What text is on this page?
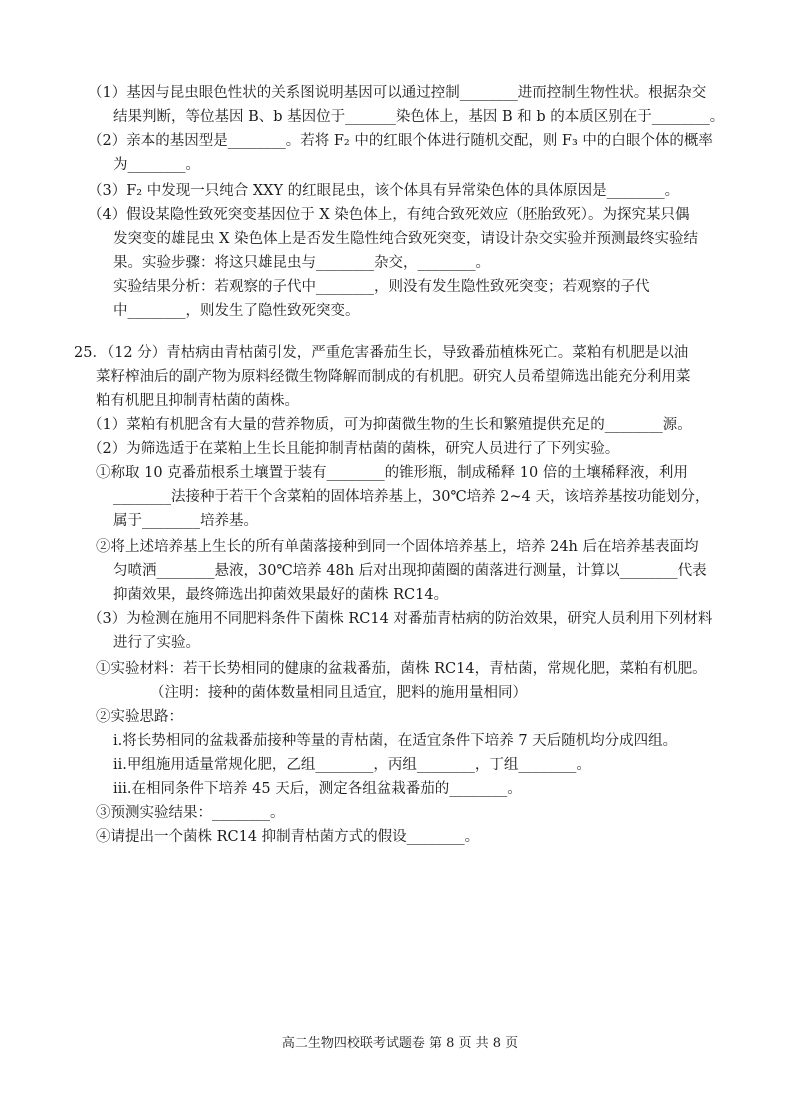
（1）基因与昆虫眼色性状的关系图说明基因可以通过控制________进而控制生物性状。根据杂交
结果判断，等位基因 B、b 基因位于_______染色体上，基因 B 和 b 的本质区别在于________。
（2）亲本的基因型是________。若将 F₂ 中的红眼个体进行随机交配，则 F₃ 中的白眼个体的概率
为________。
（3）F₂ 中发现一只纯合 XXY 的红眼昆虫，该个体具有异常染色体的具体原因是________。
（4）假设某隐性致死突变基因位于 X 染色体上，有纯合致死效应（胚胎致死）。为探究某只偶
发突变的雄昆虫 X 染色体上是否发生隐性纯合致死突变，请设计杂交实验并预测最终实验结
果。实验步骤：将这只雄昆虫与________杂交，________。
实验结果分析：若观察的子代中________，则没有发生隐性致死突变；若观察的子代
中________，则发生了隐性致死突变。
25．（12 分）青枯病由青枯菌引发，严重危害番茄生长，导致番茄植株死亡。菜粕有机肥是以油
菜籽榨油后的副产物为原料经微生物降解而制成的有机肥。研究人员希望筛选出能充分利用菜
粕有机肥且抑制青枯菌的菌株。
（1）菜粕有机肥含有大量的营养物质，可为抑菌微生物的生长和繁殖提供充足的________源。
（2）为筛选适于在菜粕上生长且能抑制青枯菌的菌株，研究人员进行了下列实验。
①称取 10 克番茄根系土壤置于装有________的锥形瓶，制成稀释 10 倍的土壤稀释液，利用
________法接种于若干个含菜粕的固体培养基上，30℃培养 2~4 天，该培养基按功能划分，
属于________培养基。
②将上述培养基上生长的所有单菌落接种到同一个固体培养基上，培养 24h 后在培养基表面均
匀喷洒________悬液，30℃培养 48h 后对出现抑菌圈的菌落进行测量，计算以________代表
抑菌效果，最终筛选出抑菌效果最好的菌株 RC14。
（3）为检测在施用不同肥料条件下菌株 RC14 对番茄青枯病的防治效果，研究人员利用下列材料
进行了实验。
①实验材料：若干长势相同的健康的盆栽番茄，菌株 RC14，青枯菌，常规化肥，菜粕有机肥。
（注明：接种的菌体数量相同且适宜，肥料的施用量相同）
②实验思路：
i.将长势相同的盆栽番茄接种等量的青枯菌，在适宜条件下培养 7 天后随机均分成四组。
ii.甲组施用适量常规化肥，乙组________，丙组________，丁组________。
iii.在相同条件下培养 45 天后，测定各组盆栽番茄的________。
③预测实验结果：________。
④请提出一个菌株 RC14 抑制青枯菌方式的假设________。
高二生物四校联考试题卷 第 8 页 共 8 页
